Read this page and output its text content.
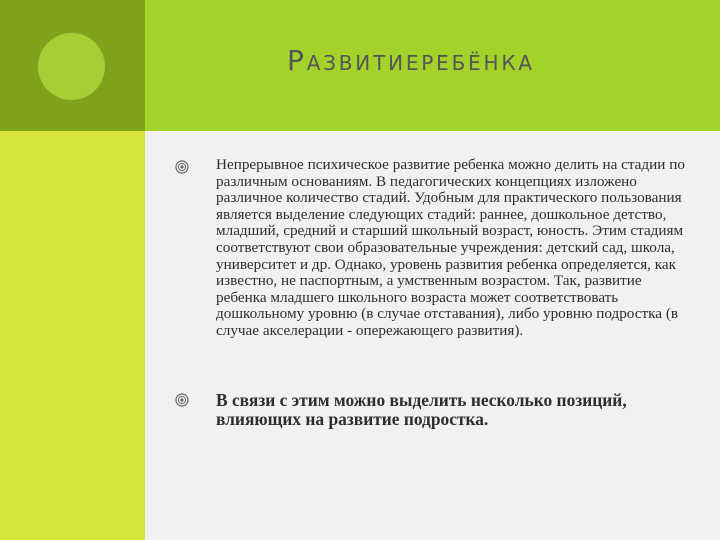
РАЗВИТИЕРЕБЁНКА

Непрерывное психическое развитие ребенка можно делить на стадии по различным основаниям. В педагогических концепциях изложено различное количество стадий. Удобным для практического пользования является выделение следующих стадий: раннее, дошкольное детство, младший, средний и старший школьный возраст, юность. Этим стадиям соответствуют свои образовательные учреждения: детский сад, школа, университет и др. Однако, уровень развития ребенка определяется, как известно, не паспортным, а умственным возрастом. Так, развитие ребенка младшего школьного возраста может соответствовать дошкольному уровню (в случае отставания), либо уровню подростка (в случае акселерации - опережающего развития).

В связи с этим можно выделить несколько позиций, влияющих на развитие подростка.
